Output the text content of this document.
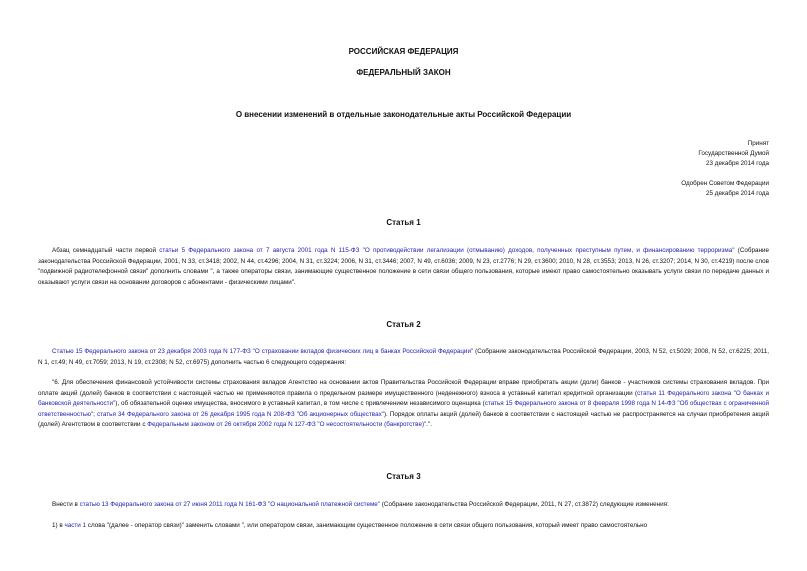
РОССИЙСКАЯ ФЕДЕРАЦИЯ
ФЕДЕРАЛЬНЫЙ ЗАКОН
О внесении изменений в отдельные законодательные акты Российской Федерации
Принят
Государственной Думой
23 декабря 2014 года
Одобрен Советом Федерации
25 декабря 2014 года
Статья 1
Абзац семнадцатый части первой статьи 5 Федерального закона от 7 августа 2001 года N 115-ФЗ "О противодействии легализации (отмыванию) доходов, полученных преступным путем, и финансированию терроризма" (Собрание законодательства Российской Федерации, 2001, N 33, ст.3418; 2002, N 44, ст.4296; 2004, N 31, ст.3224; 2006, N 31, ст.3446; 2007, N 49, ст.6036; 2009, N 23, ст.2776; N 29, ст.3600; 2010, N 28, ст.3553; 2013, N 26, ст.3207; 2014, N 30, ст.4219) после слов "подвижной радиотелефонной связи" дополнить словами ", а также операторы связи, занимающие существенное положение в сети связи общего пользования, которые имеют право самостоятельно оказывать услуги связи по передаче данных и оказывают услуги связи на основании договоров с абонентами - физическими лицами".
Статья 2
Статью 15 Федерального закона от 23 декабря 2003 года N 177-ФЗ "О страховании вкладов физических лиц в банках Российской Федерации" (Собрание законодательства Российской Федерации, 2003, N 52, ст.5029; 2008, N 52, ст.6225; 2011, N 1, ст.49; N 49, ст.7059; 2013, N 19, ст.2308; N 52, ст.6975) дополнить частью 6 следующего содержания:
"6. Для обеспечения финансовой устойчивости системы страхования вкладов Агентство на основании актов Правительства Российской Федерации вправе приобретать акции (доли) банков - участников системы страхования вкладов. При оплате акций (долей) банков в соответствии с настоящей частью не применяются правила о предельном размере имущественного (неденежного) взноса в уставный капитал кредитной организации (статья 11 Федерального закона "О банках и банковской деятельности"), об обязательной оценке имущества, вносимого в уставный капитал, в том числе с привлечением независимого оценщика (статья 15 Федерального закона от 8 февраля 1998 года N 14-ФЗ "Об обществах с ограниченной ответственностью"; статья 34 Федерального закона от 26 декабря 1995 года N 208-ФЗ "Об акционерных обществах"). Порядок оплаты акций (долей) банков в соответствии с настоящей частью не распространяется на случаи приобретения акций (долей) Агентством в соответствии с Федеральным законом от 26 октября 2002 года N 127-ФЗ "О несостоятельности (банкротстве)".".
Статья 3
Внести в статью 13 Федерального закона от 27 июня 2011 года N 161-ФЗ "О национальной платежной системе" (Собрание законодательства Российской Федерации, 2011, N 27, ст.3872) следующие изменения:
1) в части 1 слова "(далее - оператор связи)" заменить словами ", или оператором связи, занимающим существенное положение в сети связи общего пользования, который имеет право самостоятельно
